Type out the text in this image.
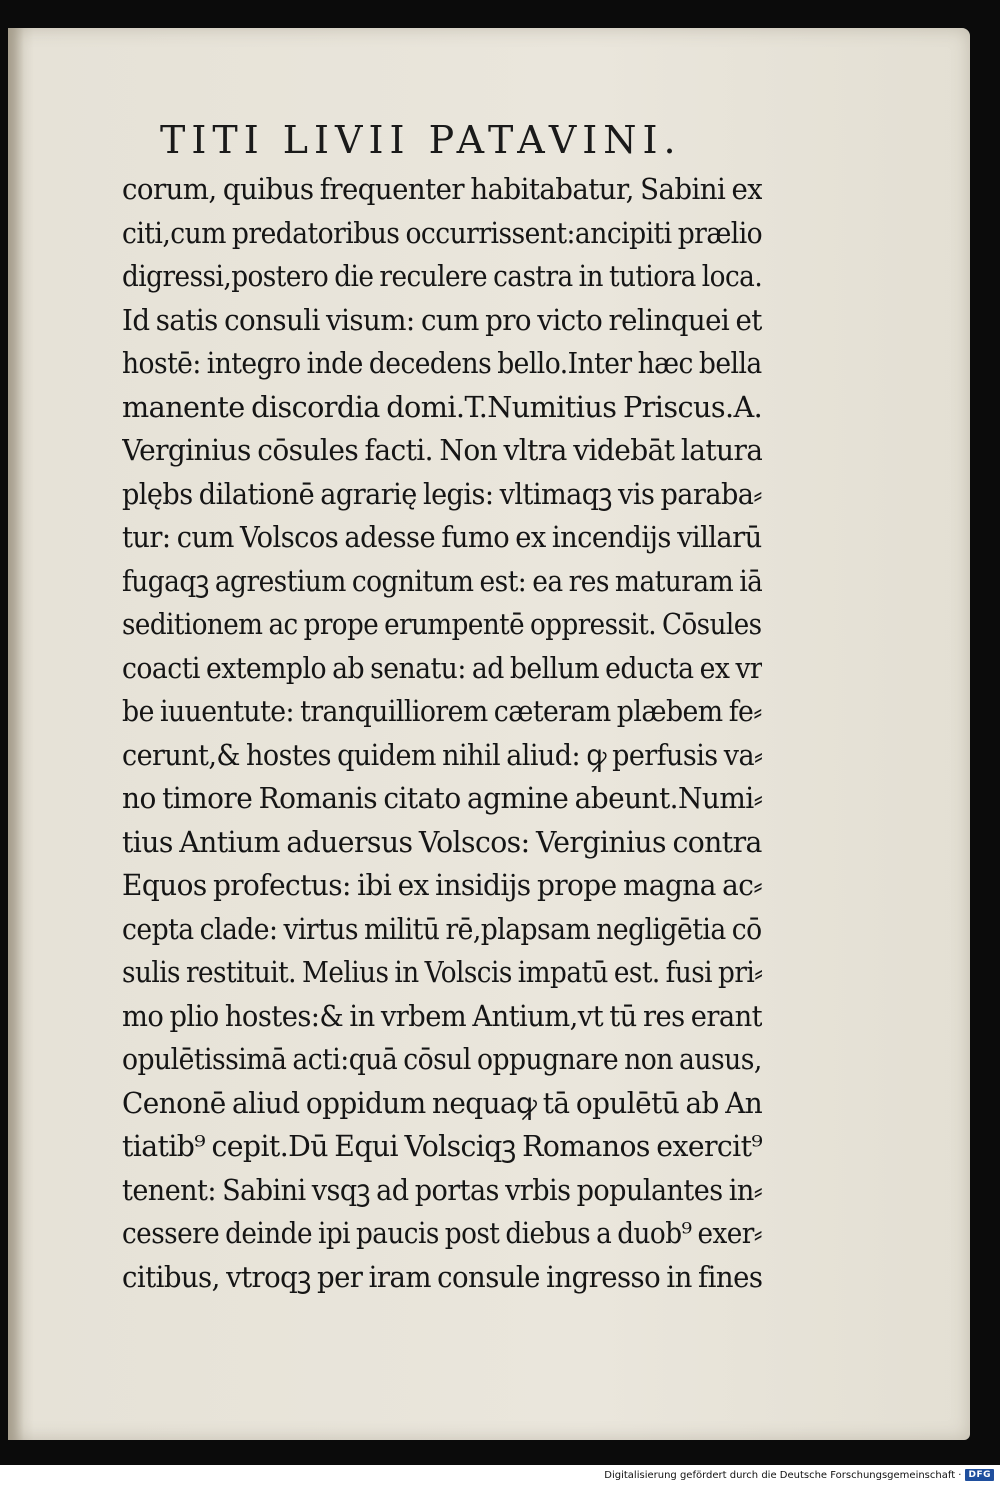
TITI LIVII PATAVINI.
corum, quibus frequenter habitabatur, Sabini ex
citi,cum predatoribus occurrissent:ancipiti prælio
digressi,postero die reculere castra in tutiora loca.
Id satis consuli visum: cum pro victo relinquei et
hostē: integro inde decedens bello.Inter hæc bella
manente discordia domi.T.Numitius Priscus.A.
Verginius cōsules facti. Non vltra videbāt latura
plębs dilationē agrarię legis: vltimaqꝫ vis paraba⸗
tur: cum Volscos adesse fumo ex incendijs villarū
fugaqꝫ agrestium cognitum est: ea res maturam iā
seditionem ac prope erumpentē oppressit. Cōsules
coacti extemplo ab senatu: ad bellum educta ex vr
be iuuentute: tranquilliorem cæteram plæbem fe⸗
cerunt,& hostes quidem nihil aliud: ꝙ perfusis va⸗
no timore Romanis citato agmine abeunt.Numi⸗
tius Antium aduersus Volscos: Verginius contra
Equos profectus: ibi ex insidijs prope magna ac⸗
cepta clade: virtus militū rē,plapsam negligētia cō
sulis restituit. Melius in Volscis impatū est. fusi pri⸗
mo plio hostes:& in vrbem Antium,vt tū res erant
opulētissimā acti:quā cōsul oppugnare non ausus,
Cenonē aliud oppidum nequaꝙ tā opulētū ab An
tiatib⁹ cepit.Dū Equi Volsciqꝫ Romanos exercit⁹
tenent: Sabini vsqꝫ ad portas vrbis populantes in⸗
cessere deinde ipi paucis post diebus a duob⁹ exer⸗
citibus, vtroqꝫ per iram consule ingresso in fines
Digitalisierung gefördert durch die Deutsche Forschungsgemeinschaft · DFG
